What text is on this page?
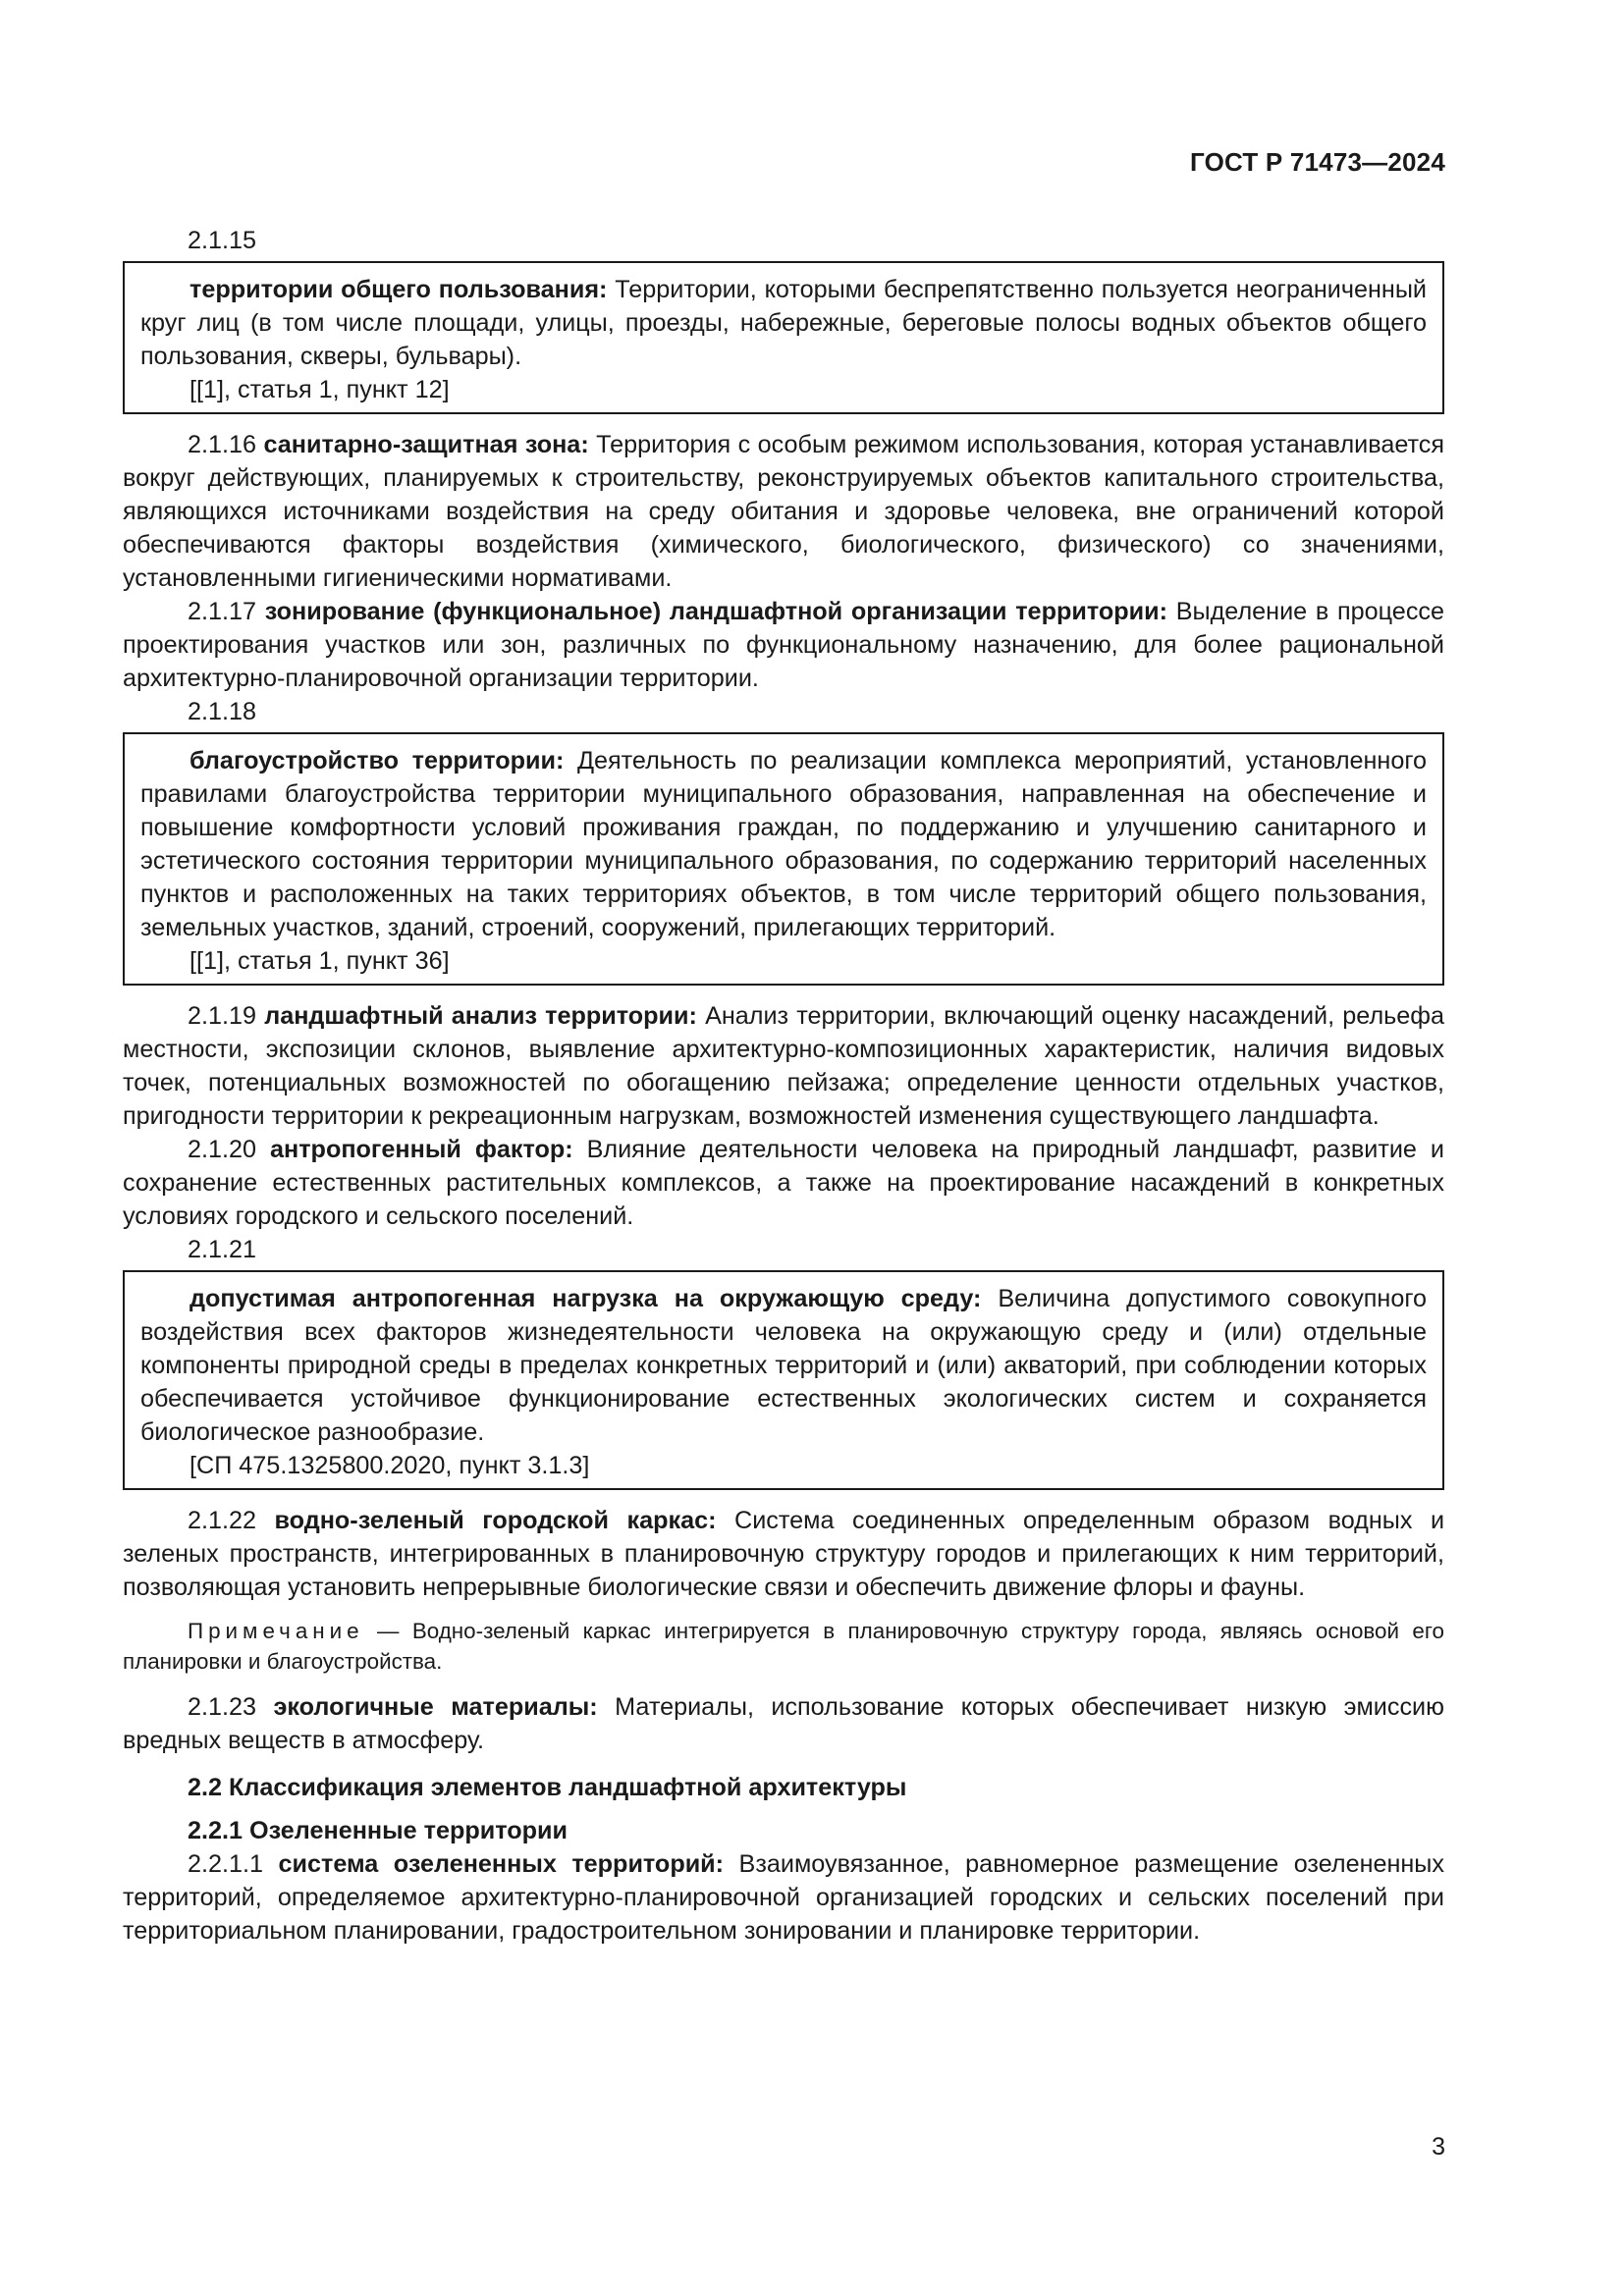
ГОСТ Р 71473—2024

2.1.15

территории общего пользования: Территории, которыми беспрепятственно пользуется неограниченный круг лиц (в том числе площади, улицы, проезды, набережные, береговые полосы водных объектов общего пользования, скверы, бульвары).

[[1], статья 1, пункт 12]

2.1.16 санитарно-защитная зона: Территория с особым режимом использования, которая устанавливается вокруг действующих, планируемых к строительству, реконструируемых объектов капитального строительства, являющихся источниками воздействия на среду обитания и здоровье человека, вне ограничений которой обеспечиваются факторы воздействия (химического, биологического, физического) со значениями, установленными гигиеническими нормативами.

2.1.17 зонирование (функциональное) ландшафтной организации территории: Выделение в процессе проектирования участков или зон, различных по функциональному назначению, для более рациональной архитектурно-планировочной организации территории.

2.1.18

благоустройство территории: Деятельность по реализации комплекса мероприятий, установленного правилами благоустройства территории муниципального образования, направленная на обеспечение и повышение комфортности условий проживания граждан, по поддержанию и улучшению санитарного и эстетического состояния территории муниципального образования, по содержанию территорий населенных пунктов и расположенных на таких территориях объектов, в том числе территорий общего пользования, земельных участков, зданий, строений, сооружений, прилегающих территорий.

[[1], статья 1, пункт 36]

2.1.19 ландшафтный анализ территории: Анализ территории, включающий оценку насаждений, рельефа местности, экспозиции склонов, выявление архитектурно-композиционных характеристик, наличия видовых точек, потенциальных возможностей по обогащению пейзажа; определение ценности отдельных участков, пригодности территории к рекреационным нагрузкам, возможностей изменения существующего ландшафта.

2.1.20 антропогенный фактор: Влияние деятельности человека на природный ландшафт, развитие и сохранение естественных растительных комплексов, а также на проектирование насаждений в конкретных условиях городского и сельского поселений.

2.1.21

допустимая антропогенная нагрузка на окружающую среду: Величина допустимого совокупного воздействия всех факторов жизнедеятельности человека на окружающую среду и (или) отдельные компоненты природной среды в пределах конкретных территорий и (или) акваторий, при соблюдении которых обеспечивается устойчивое функционирование естественных экологических систем и сохраняется биологическое разнообразие.

[СП 475.1325800.2020, пункт 3.1.3]

2.1.22 водно-зеленый городской каркас: Система соединенных определенным образом водных и зеленых пространств, интегрированных в планировочную структуру городов и прилегающих к ним территорий, позволяющая установить непрерывные биологические связи и обеспечить движение флоры и фауны.

Примечание — Водно-зеленый каркас интегрируется в планировочную структуру города, являясь основой его планировки и благоустройства.

2.1.23 экологичные материалы: Материалы, использование которых обеспечивает низкую эмиссию вредных веществ в атмосферу.

2.2 Классификация элементов ландшафтной архитектуры

2.2.1 Озелененные территории

2.2.1.1 система озелененных территорий: Взаимоувязанное, равномерное размещение озелененных территорий, определяемое архитектурно-планировочной организацией городских и сельских поселений при территориальном планировании, градостроительном зонировании и планировке территории.

3
